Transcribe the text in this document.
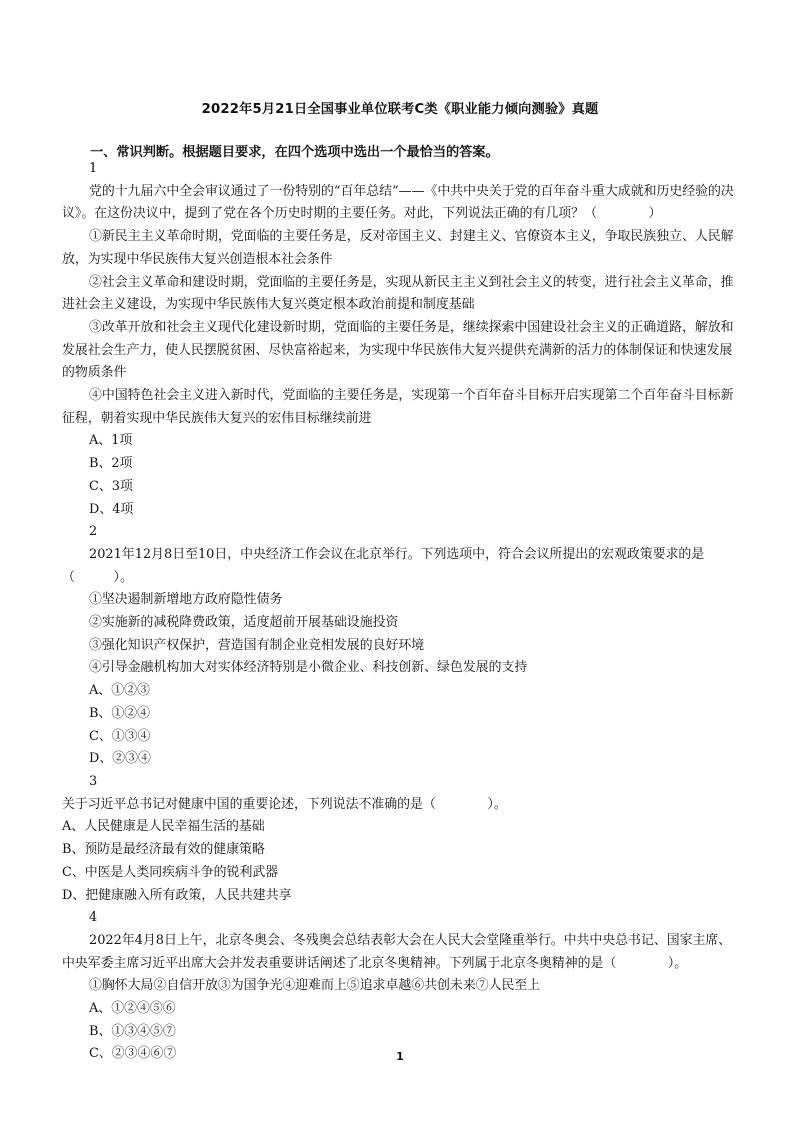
2022年5月21日全国事业单位联考C类《职业能力倾向测验》真题
一、常识判断。根据题目要求，在四个选项中选出一个最恰当的答案。

1

党的十九届六中全会审议通过了一份特别的“百年总结”——《中共中央关于党的百年奋斗重大成就和历史经验的决议》。在这份决议中，提到了党在各个历史时期的主要任务。对此，下列说法正确的有几项？（　　　　）

①新民主主义革命时期，党面临的主要任务是，反对帝国主义、封建主义、官僚资本主义，争取民族独立、人民解放，为实现中华民族伟大复兴创造根本社会条件

②社会主义革命和建设时期，党面临的主要任务是，实现从新民主主义到社会主义的转变，进行社会主义革命，推进社会主义建设，为实现中华民族伟大复兴奠定根本政治前提和制度基础

③改革开放和社会主义现代化建设新时期，党面临的主要任务是，继续探索中国建设社会主义的正确道路，解放和发展社会生产力，使人民摆脱贫困、尽快富裕起来，为实现中华民族伟大复兴提供充满新的活力的体制保证和快速发展的物质条件

④中国特色社会主义进入新时代，党面临的主要任务是，实现第一个百年奋斗目标开启实现第二个百年奋斗目标新征程，朝着实现中华民族伟大复兴的宏伟目标继续前进

A、1项

B、2项

C、3项

D、4项

2

2021年12月8日至10日，中央经济工作会议在北京举行。下列选项中，符合会议所提出的宏观政策要求的是（　　　）。

①坚决遏制新增地方政府隐性债务

②实施新的减税降费政策，适度超前开展基础设施投资

③强化知识产权保护，营造国有制企业竞相发展的良好环境

④引导金融机构加大对实体经济特别是小微企业、科技创新、绿色发展的支持

A、①②③

B、①②④

C、①③④

D、②③④

3

关于习近平总书记对健康中国的重要论述，下列说法不准确的是（　　　　）。

A、人民健康是人民幸福生活的基础

B、预防是最经济最有效的健康策略

C、中医是人类同疾病斗争的锐利武器

D、把健康融入所有政策，人民共建共享

4

2022年4月8日上午，北京冬奥会、冬残奥会总结表彰大会在人民大会堂隆重举行。中共中央总书记、国家主席、中央军委主席习近平出席大会并发表重要讲话阐述了北京冬奥精神。下列属于北京冬奥精神的是（　　　　）。

①胸怀大局②自信开放③为国争光④迎难而上⑤追求卓越⑥共创未来⑦人民至上

A、①②④⑤⑥

B、①③④⑤⑦

C、②③④⑥⑦	1
